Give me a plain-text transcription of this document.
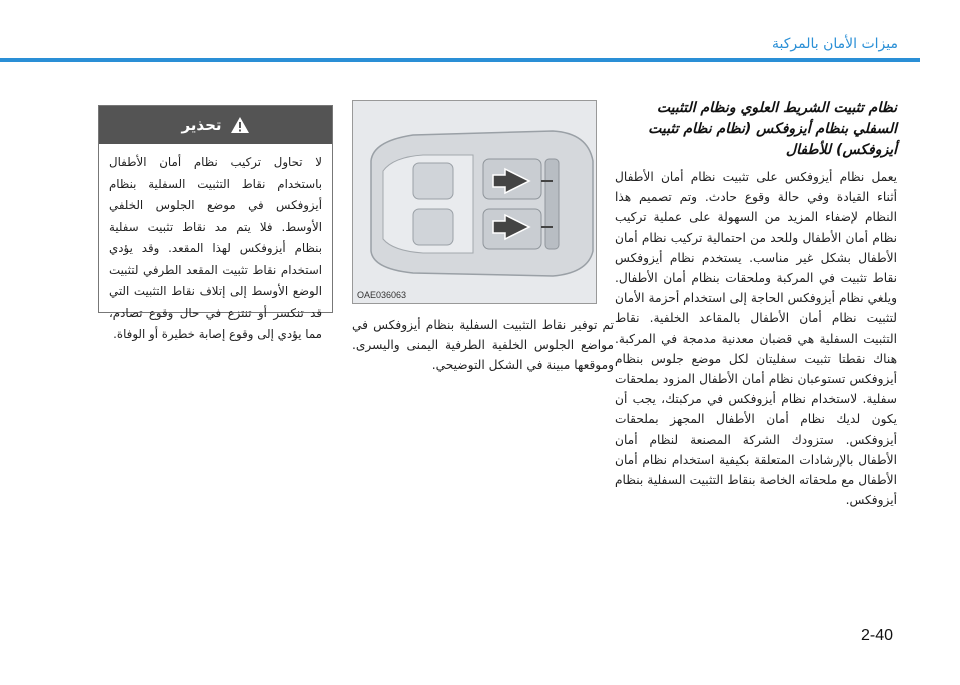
ميزات الأمان بالمركبة

نظام تثبيت الشريط العلوي ونظام التثبيت السفلي بنظام أيزوفكس (نظام نظام تثبيت أيزوفكس) للأطفال

يعمل نظام أيزوفكس على تثبيت نظام أمان الأطفال أثناء القيادة وفي حالة وقوع حادث. وتم تصميم هذا النظام لإضفاء المزيد من السهولة على عملية تركيب نظام أمان الأطفال وللحد من احتمالية تركيب نظام أمان الأطفال بشكل غير مناسب. يستخدم نظام أيزوفكس نقاط تثبيت في المركبة وملحقات بنظام أمان الأطفال. ويلغي نظام أيزوفكس الحاجة إلى استخدام أحزمة الأمان لتثبيت نظام أمان الأطفال بالمقاعد الخلفية. نقاط التثبيت السفلية هي قضبان معدنية مدمجة في المركبة. هناك نقطتا تثبيت سفليتان لكل موضع جلوس بنظام أيزوفكس تستوعبان نظام أمان الأطفال المزود بملحقات سفلية. لاستخدام نظام أيزوفكس في مركبتك، يجب أن يكون لديك نظام أمان الأطفال المجهز بملحقات أيزوفكس. ستزودك الشركة المصنعة لنظام أمان الأطفال بالإرشادات المتعلقة بكيفية استخدام نظام أمان الأطفال مع ملحقاته الخاصة بنقاط التثبيت السفلية بنظام أيزوفكس.

OAE036063

تم توفير نقاط التثبيت السفلية بنظام أيزوفكس في مواضع الجلوس الخلفية الطرفية اليمنى واليسرى. وموقعها مبينة في الشكل التوضيحي.

تحذير
لا تحاول تركيب نظام أمان الأطفال باستخدام نقاط التثبيت السفلية بنظام أيزوفكس في موضع الجلوس الخلفي الأوسط. فلا يتم مد نقاط تثبيت سفلية بنظام أيزوفكس لهذا المقعد. وقد يؤدي استخدام نقاط تثبيت المقعد الطرفي لتثبيت الوضع الأوسط إلى إتلاف نقاط التثبيت التي قد تنكسر أو تنتزع في حال وقوع تصادم، مما يؤدي إلى وقوع إصابة خطيرة أو الوفاة.
2-40
